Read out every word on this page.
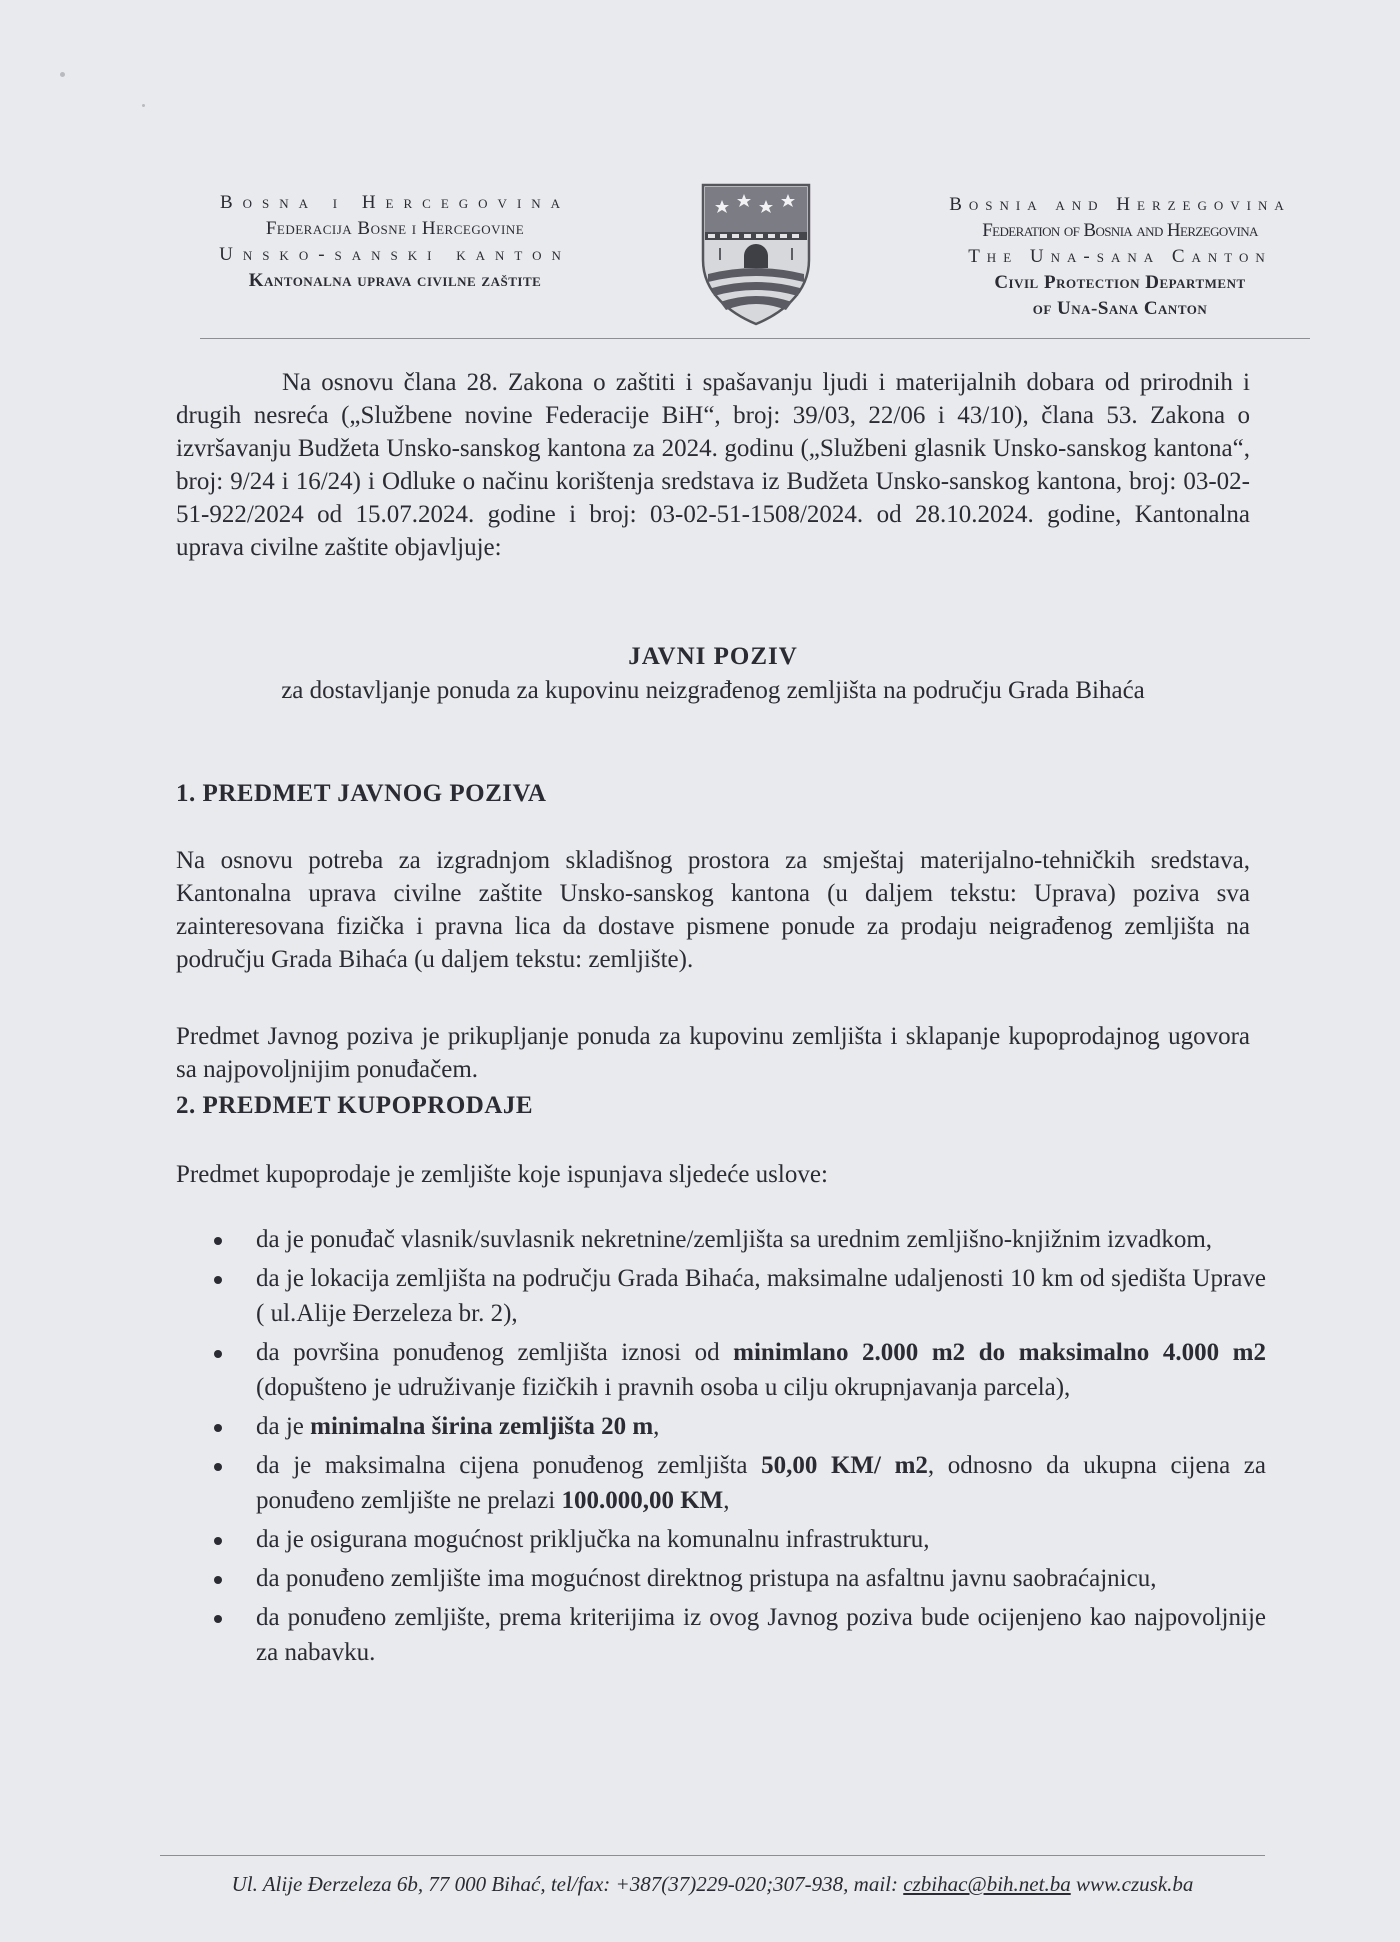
Bosna i Hercegovina
Federacija Bosne i Hercegovine
Unsko-sanski kanton
Kantonalna uprava civilne zaštite
Bosnia and Herzegovina
Federation of Bosnia and Herzegovina
The Una-sana Canton
Civil Protection Department
of Una-Sana Canton
Na osnovu člana 28. Zakona o zaštiti i spašavanju ljudi i materijalnih dobara od prirodnih i drugih nesreća („Službene novine Federacije BiH“, broj: 39/03, 22/06 i 43/10), člana 53. Zakona o izvršavanju Budžeta Unsko-sanskog kantona za 2024. godinu („Službeni glasnik Unsko-sanskog kantona“, broj: 9/24 i 16/24) i Odluke o načinu korištenja sredstava iz Budžeta Unsko-sanskog kantona, broj: 03-02-51-922/2024 od 15.07.2024. godine i broj: 03-02-51-1508/2024. od 28.10.2024. godine, Kantonalna uprava civilne zaštite objavljuje:
JAVNI POZIV
za dostavljanje ponuda za kupovinu neizgrađenog zemljišta na području Grada Bihaća
1. PREDMET JAVNOG POZIVA
Na osnovu potreba za izgradnjom skladišnog prostora za smještaj materijalno-tehničkih sredstava, Kantonalna uprava civilne zaštite Unsko-sanskog kantona (u daljem tekstu: Uprava) poziva sva zainteresovana fizička i pravna lica da dostave pismene ponude za prodaju neigrađenog zemljišta na području Grada Bihaća (u daljem tekstu: zemljište).
Predmet Javnog poziva je prikupljanje ponuda za kupovinu zemljišta i sklapanje kupoprodajnog ugovora sa najpovoljnijim ponuđačem.
2. PREDMET KUPOPRODAJE
Predmet kupoprodaje je zemljište koje ispunjava sljedeće uslove:
da je ponuđač vlasnik/suvlasnik nekretnine/zemljišta sa urednim zemljišno-knjižnim izvadkom,
da je lokacija zemljišta na području Grada Bihaća, maksimalne udaljenosti 10 km od sjedišta Uprave ( ul.Alije Đerzeleza br. 2),
da površina ponuđenog zemljišta iznosi od minimlano 2.000 m2 do maksimalno 4.000 m2 (dopušteno je udruživanje fizičkih i pravnih osoba u cilju okrupnjavanja parcela),
da je minimalna širina zemljišta 20 m,
da je maksimalna cijena ponuđenog zemljišta 50,00 KM/ m2, odnosno da ukupna cijena za ponuđeno zemljište ne prelazi 100.000,00 KM,
da je osigurana mogućnost priključka na komunalnu infrastrukturu,
da ponuđeno zemljište ima mogućnost direktnog pristupa na asfaltnu javnu saobraćajnicu,
da ponuđeno zemljište, prema kriterijima iz ovog Javnog poziva bude ocijenjeno kao najpovoljnije za nabavku.
Ul. Alije Đerzeleza 6b, 77 000 Bihać, tel/fax: +387(37)229-020;307-938, mail: czbihac@bih.net.ba www.czusk.ba
